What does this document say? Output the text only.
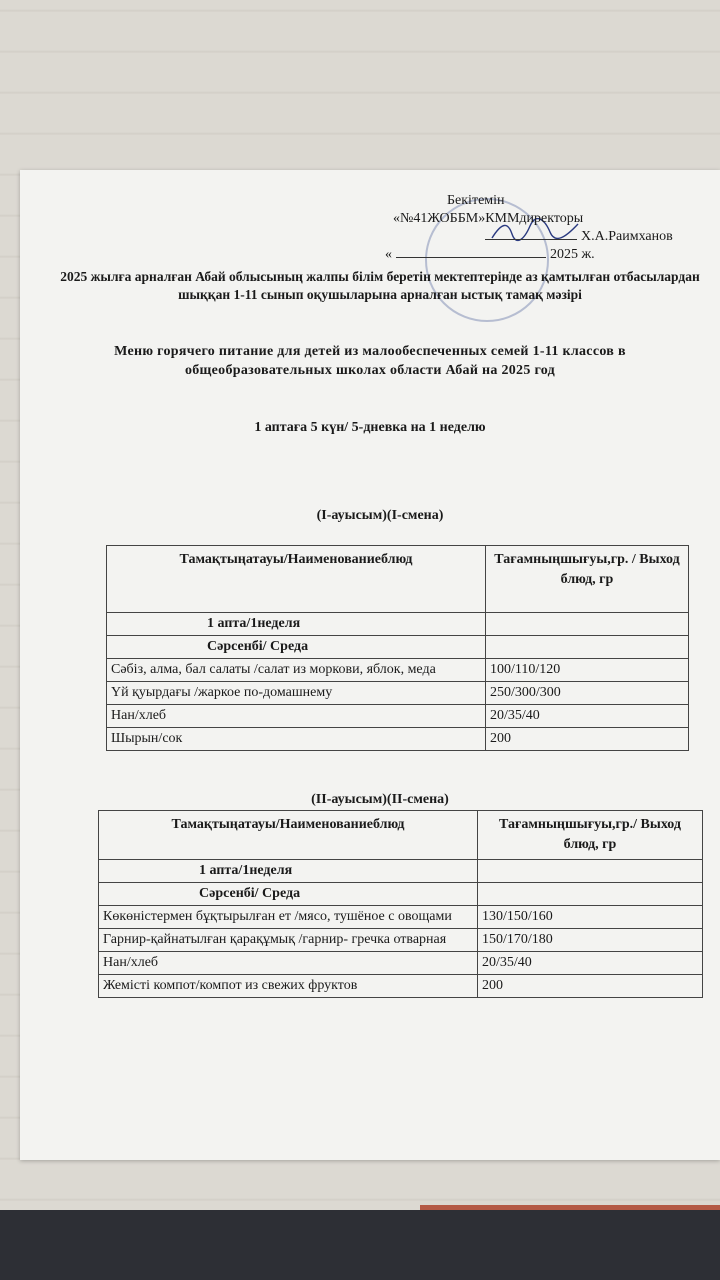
Бекітемін
«№41ЖОББМ»КММдиректоры
Х.А.Раимханов
«	2025 ж.
2025 жылға арналған Абай облысының жалпы білім беретін мектептерінде аз қамтылған отбасылардан шыққан 1-11 сынып оқушыларына арналған ыстық тамақ мәзірі
Меню горячего питание для детей из малообеспеченных семей 1-11 классов в общеобразовательных школах области Абай на 2025 год
1 аптаға 5 күн/ 5-дневка на 1 неделю
(I-ауысым)(I-смена)
Тамақтыңатауы/Наименованиеблюд	Тағамныңшығуы,гр. / Выход блюд, гр
1 апта/1неделя	
Сәрсенбі/ Среда	
Сәбіз, алма, бал салаты /салат из моркови, яблок, меда	100/110/120
Үй қуырдағы /жаркое по-домашнему	250/300/300
Нан/хлеб	20/35/40
Шырын/сок	200
(II-ауысым)(II-смена)
Тамақтыңатауы/Наименованиеблюд	Тағамныңшығуы,гр./ Выход блюд, гр
1 апта/1неделя	
Сәрсенбі/ Среда	
Көкөністермен бұқтырылған ет /мясо, тушёное с овощами	130/150/160
Гарнир-қайнатылған қарақұмық /гарнир- гречка отварная	150/170/180
Нан/хлеб	20/35/40
Жемісті компот/компот из свежих фруктов	200
